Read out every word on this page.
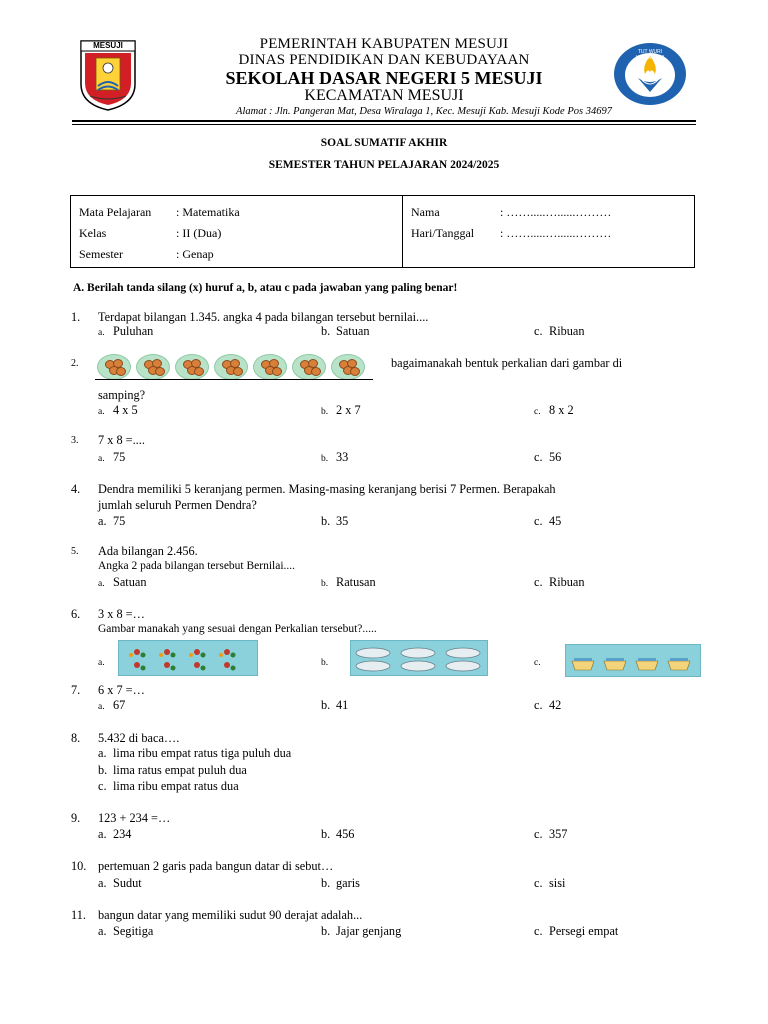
MESUJI
TUT WURI HANDAYANI
PEMERINTAH KABUPATEN MESUJI
DINAS PENDIDIKAN DAN KEBUDAYAAN
SEKOLAH DASAR NEGERI 5 MESUJI
KECAMATAN MESUJI
Alamat : Jln. Pangeran Mat, Desa Wiralaga 1, Kec. Mesuji Kab. Mesuji Kode Pos 34697
SOAL SUMATIF AKHIR
SEMESTER TAHUN PELAJARAN 2024/2025
Mata Pelajaran : Matematika
Kelas	: II (Dua)
Semester	: Genap

Nama	: …….....…......………
Hari/Tanggal : …….....…......………
A. Berilah tanda silang (x) huruf a, b, atau c pada jawaban yang paling benar!
1. Terdapat bilangan 1.345. angka 4 pada bilangan tersebut bernilai....
a. Puluhan	b. Satuan	c. Ribuan
2.	bagaimanakah bentuk perkalian dari gambar di
samping?
a. 4 x 5	b. 2 x 7	c. 8 x 2
3. 7 x 8 =....
a. 75	b. 33	c. 56
4. Dendra memiliki 5 keranjang permen. Masing-masing keranjang berisi 7 Permen. Berapakah
jumlah seluruh Permen Dendra?
a. 75	b. 35	c. 45
5. Ada bilangan 2.456.
Angka 2 pada bilangan tersebut Bernilai....
a. Satuan	b. Ratusan	c. Ribuan
6. 3 x 8 =…
Gambar manakah yang sesuai dengan Perkalian tersebut?.....
a.	b.	c.
7. 6 x 7 =…
a. 67	b. 41	c. 42
8. 5.432 di baca….
a. lima ribu empat ratus tiga puluh dua
b. lima ratus empat puluh dua
c. lima ribu empat ratus dua
9. 123 + 234 =…
a. 234	b. 456	c. 357
10. pertemuan 2 garis pada bangun datar di sebut…
a. Sudut	b. garis	c. sisi
11. bangun datar yang memiliki sudut 90 derajat adalah...
a. Segitiga	b. Jajar genjang	c. Persegi empat
